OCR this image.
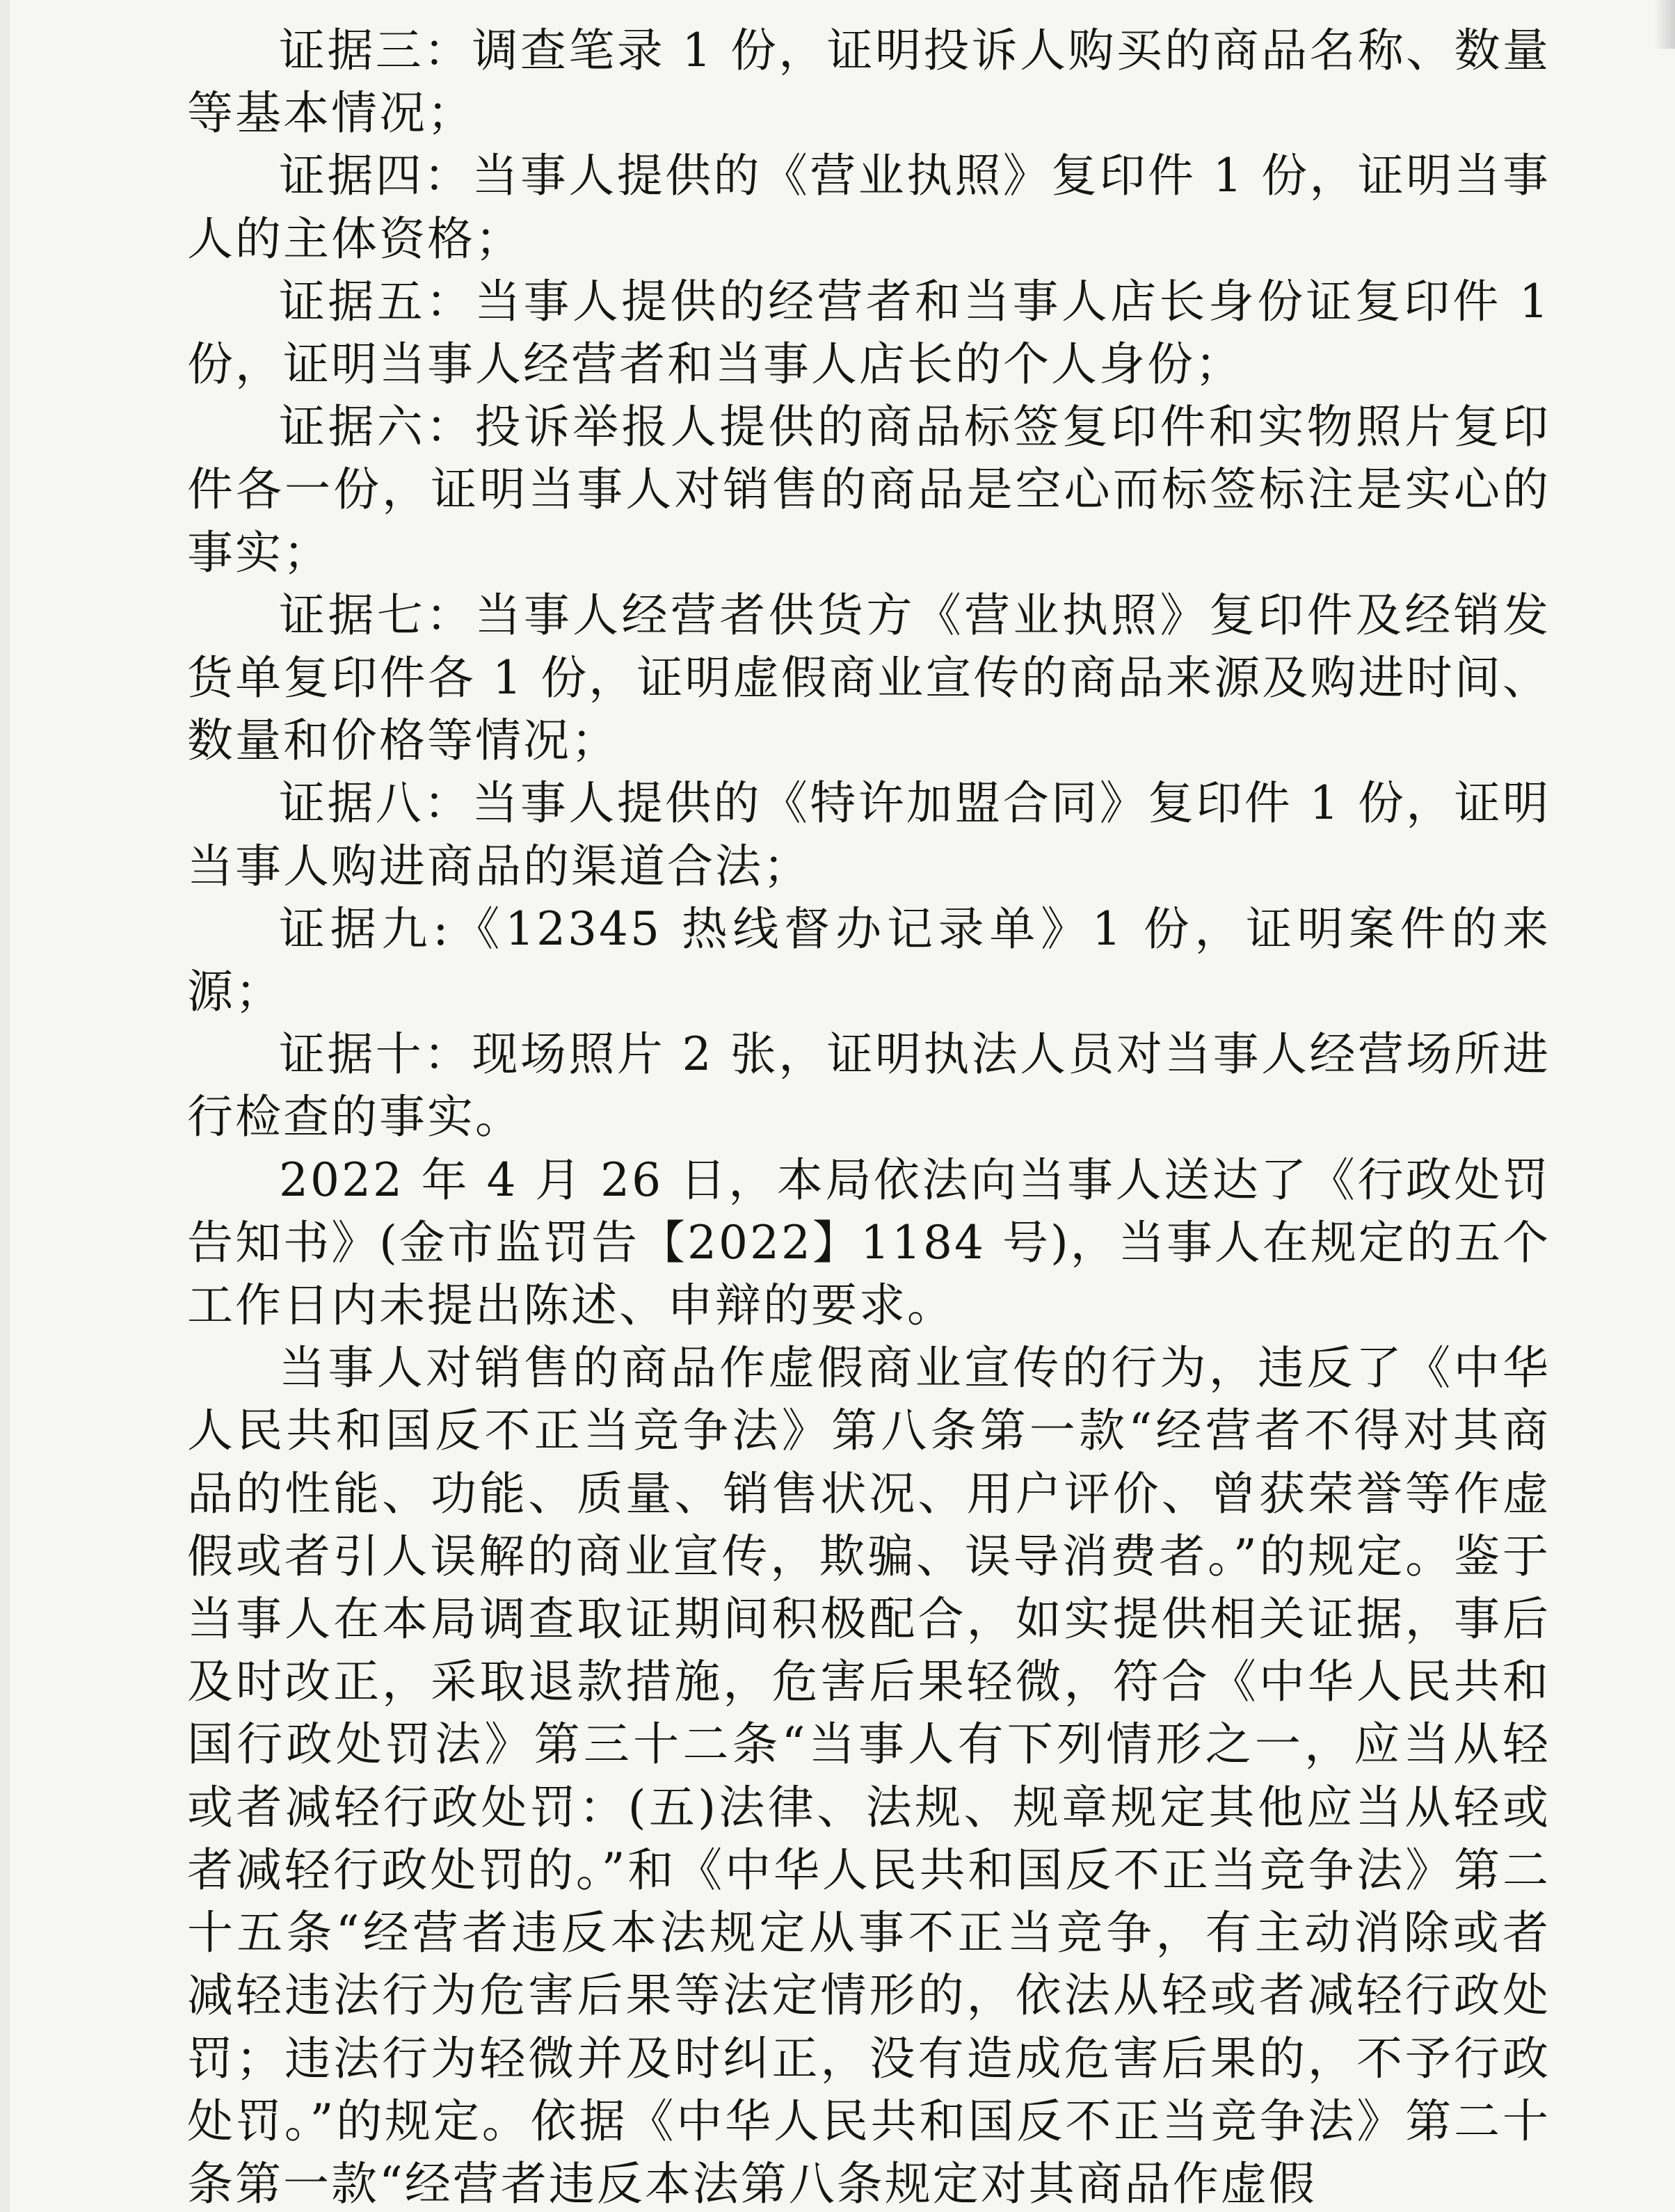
证据三：调查笔录 1 份，证明投诉人购买的商品名称、数量等基本情况；

证据四：当事人提供的《营业执照》复印件 1 份，证明当事人的主体资格；

证据五：当事人提供的经营者和当事人店长身份证复印件 1 份，证明当事人经营者和当事人店长的个人身份；

证据六：投诉举报人提供的商品标签复印件和实物照片复印件各一份，证明当事人对销售的商品是空心而标签标注是实心的事实；

证据七：当事人经营者供货方《营业执照》复印件及经销发货单复印件各 1 份，证明虚假商业宣传的商品来源及购进时间、数量和价格等情况；

证据八：当事人提供的《特许加盟合同》复印件 1 份，证明当事人购进商品的渠道合法；

证据九:《12345 热线督办记录单》1 份，证明案件的来源；

证据十：现场照片 2 张，证明执法人员对当事人经营场所进行检查的事实。

2022 年 4 月 26 日，本局依法向当事人送达了《行政处罚告知书》(金市监罚告【2022】1184 号)，当事人在规定的五个工作日内未提出陈述、申辩的要求。

当事人对销售的商品作虚假商业宣传的行为，违反了《中华人民共和国反不正当竞争法》第八条第一款“经营者不得对其商品的性能、功能、质量、销售状况、用户评价、曾获荣誉等作虚假或者引人误解的商业宣传，欺骗、误导消费者。”的规定。鉴于当事人在本局调查取证期间积极配合，如实提供相关证据，事后及时改正，采取退款措施，危害后果轻微，符合《中华人民共和国行政处罚法》第三十二条“当事人有下列情形之一，应当从轻或者减轻行政处罚：(五)法律、法规、规章规定其他应当从轻或者减轻行政处罚的。”和《中华人民共和国反不正当竞争法》第二十五条“经营者违反本法规定从事不正当竞争，有主动消除或者减轻违法行为危害后果等法定情形的，依法从轻或者减轻行政处罚；违法行为轻微并及时纠正，没有造成危害后果的，不予行政处罚。”的规定。依据《中华人民共和国反不正当竞争法》第二十条第一款“经营者违反本法第八条规定对其商品作虚假
